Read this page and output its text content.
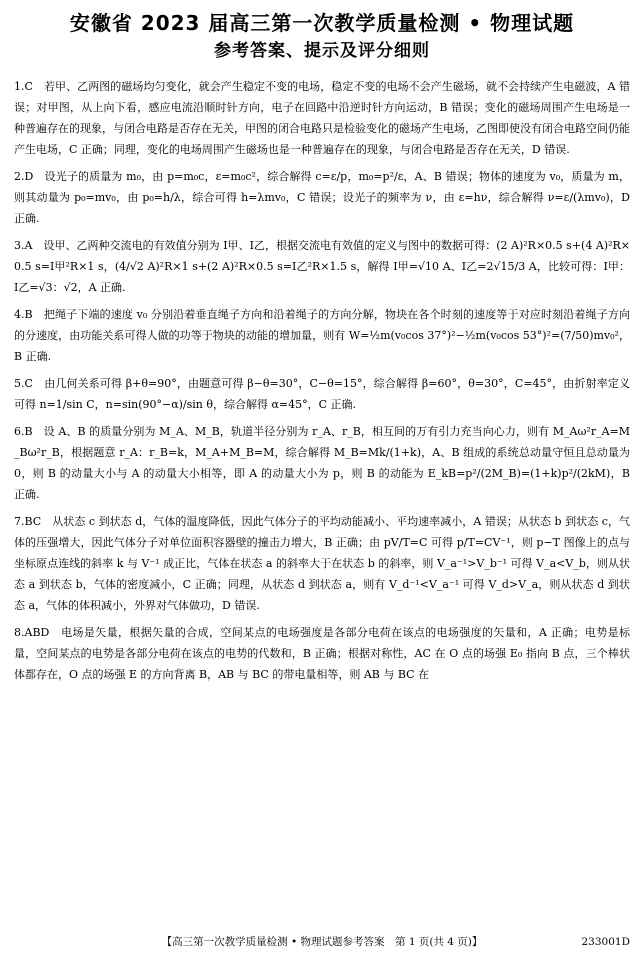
安徽省 2023 届高三第一次教学质量检测 • 物理试题
参考答案、提示及评分细则

1.C　若甲、乙两图的磁场均匀变化，就会产生稳定不变的电场，稳定不变的电场不会产生磁场，就不会持续产生电磁波，A 错误；对甲图，从上向下看，感应电流沿顺时针方向，电子在回路中沿逆时针方向运动，B 错误；变化的磁场周围产生电场是一种普遍存在的现象，与闭合电路是否存在无关，甲图的闭合电路只是检验变化的磁场产生电场，乙图即使没有闭合电路空间仍能产生电场，C 正确；同理，变化的电场周围产生磁场也是一种普遍存在的现象，与闭合电路是否存在无关，D 错误.

2.D　设光子的质量为 m₀，由 p=m₀c，ε=m₀c²，综合解得 c=ε/p，m₀=p²/ε，A、B 错误；物体的速度为 v₀，质量为 m，则其动量为 p₀=mv₀，由 p₀=h/λ，综合可得 h=λmv₀，C 错误；设光子的频率为 ν，由 ε=hν，综合解得 ν=ε/(λmv₀)，D 正确.

3.A　设甲、乙两种交流电的有效值分别为 I甲、I乙，根据交流电有效值的定义与图中的数据可得：(2 A)²R×0.5 s+(4 A)²R×0.5 s=I甲²R×1 s，(4/√2 A)²R×1 s+(2 A)²R×0.5 s=I乙²R×1.5 s，解得 I甲=√10 A、I乙=2√15/3 A，比较可得：I甲：I乙=√3：√2，A 正确.

4.B　把绳子下端的速度 v₀ 分别沿着垂直绳子方向和沿着绳子的方向分解，物块在各个时刻的速度等于对应时刻沿着绳子方向的分速度，由功能关系可得人做的功等于物块的动能的增加量，则有 W=½m(v₀cos 37°)²−½m(v₀cos 53°)²=(7/50)mv₀²，B 正确.

5.C　由几何关系可得 β+θ=90°，由题意可得 β−θ=30°，C−θ=15°，综合解得 β=60°，θ=30°，C=45°，由折射率定义可得 n=1/sin C，n=sin(90°−α)/sin θ，综合解得 α=45°，C 正确.

6.B　设 A、B 的质量分别为 M_A、M_B，轨道半径分别为 r_A、r_B，相互间的万有引力充当向心力，则有 M_Aω²r_A=M_Bω²r_B，根据题意 r_A：r_B=k，M_A+M_B=M，综合解得 M_B=Mk/(1+k)，A、B 组成的系统总动量守恒且总动量为 0，则 B 的动量大小与 A 的动量大小相等，即 A 的动量大小为 p，则 B 的动能为 E_kB=p²/(2M_B)=(1+k)p²/(2kM)，B 正确.

7.BC　从状态 c 到状态 d，气体的温度降低，因此气体分子的平均动能减小、平均速率减小，A 错误；从状态 b 到状态 c，气体的压强增大，因此气体分子对单位面积容器壁的撞击力增大，B 正确；由 pV/T=C 可得 p/T=CV⁻¹，则 p−T 图像上的点与坐标原点连线的斜率 k 与 V⁻¹ 成正比，气体在状态 a 的斜率大于在状态 b 的斜率，则 V_a⁻¹>V_b⁻¹ 可得 V_a<V_b，则从状态 a 到状态 b，气体的密度减小，C 正确；同理，从状态 d 到状态 a，则有 V_d⁻¹<V_a⁻¹ 可得 V_d>V_a，则从状态 d 到状态 a，气体的体积减小，外界对气体做功，D 错误.

8.ABD　电场是矢量，根据矢量的合成，空间某点的电场强度是各部分电荷在该点的电场强度的矢量和，A 正确；电势是标量，空间某点的电势是各部分电荷在该点的电势的代数和，B 正确；根据对称性，AC 在 O 点的场强 E₀ 指向 B 点，三个棒状体都存在，O 点的场强 E 的方向背离 B，AB 与 BC 的带电量相等，则 AB 与 BC 在

【高三第一次教学质量检测 • 物理试题参考答案　第 1 页(共 4 页)】	233001D
